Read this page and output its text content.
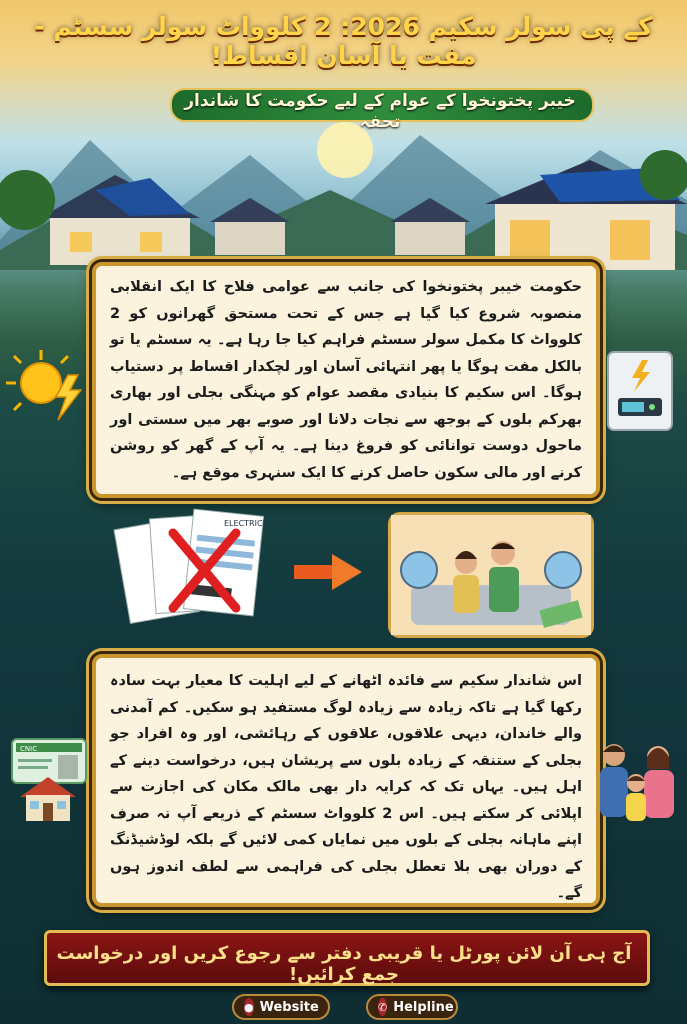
کے پی سولر سکیم 2026: 2 کلوواٹ سولر سسٹم - مفت یا آسان اقساط!
خیبر پختونخوا کے عوام کے لیے حکومت کا شاندار تحفہ
حکومت خیبر پختونخوا کی جانب سے عوامی فلاح کا ایک انقلابی منصوبہ شروع کیا گیا ہے جس کے تحت مستحق گھرانوں کو 2 کلوواٹ کا مکمل سولر سسٹم فراہم کیا جا رہا ہے۔ یہ سسٹم یا تو بالکل مفت ہوگا یا پھر انتہائی آسان اور لچکدار اقساط پر دستیاب ہوگا۔ اس سکیم کا بنیادی مقصد عوام کو مہنگی بجلی اور بھاری بھرکم بلوں کے بوجھ سے نجات دلانا اور صوبے بھر میں سستی اور ماحول دوست توانائی کو فروغ دینا ہے۔ یہ آپ کے گھر کو روشن کرنے اور مالی سکون حاصل کرنے کا ایک سنہری موقع ہے۔
ELECTRICITY
اس شاندار سکیم سے فائدہ اٹھانے کے لیے اہلیت کا معیار بہت سادہ رکھا گیا ہے تاکہ زیادہ سے زیادہ لوگ مستفید ہو سکیں۔ کم آمدنی والے خاندان، دیہی علاقوں، علاقوں کے رہائشی، اور وہ افراد جو بجلی کے ستنقہ کے زیادہ بلوں سے پریشان ہیں، درخواست دینے کے اہل ہیں۔ یہاں تک کہ کرایہ دار بھی مالک مکان کی اجازت سے اپلائی کر سکتے ہیں۔ اس 2 کلوواٹ سسٹم کے ذریعے آپ نہ صرف اپنے ماہانہ بجلی کے بلوں میں نمایاں کمی لائیں گے بلکہ لوڈشیڈنگ کے دوران بھی بلا تعطل بجلی کی فراہمی سے لطف اندوز ہوں گے۔
CNIC
آج ہی آن لائن پورٹل یا قریبی دفتر سے رجوع کریں اور درخواست جمع کرائیں!
● Website	✆ Helpline
